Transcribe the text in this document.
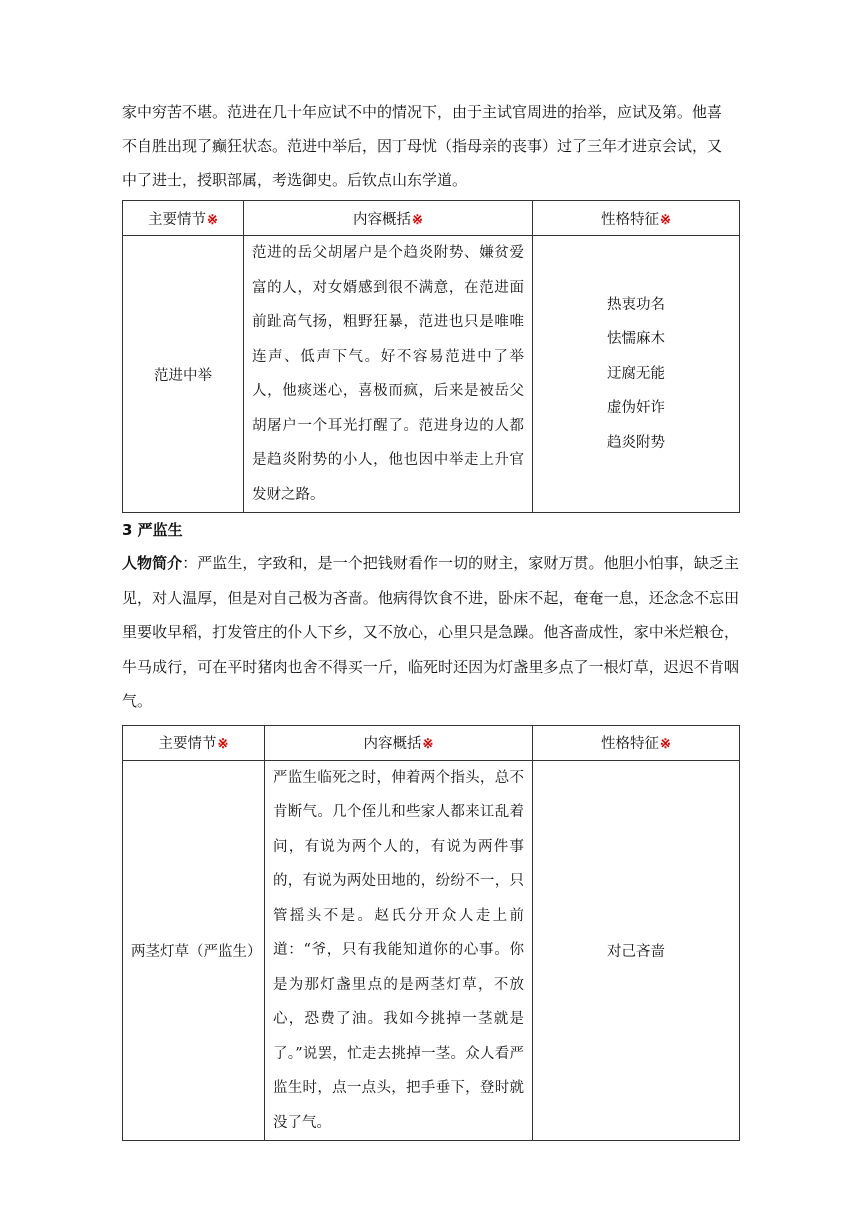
家中穷苦不堪。范进在几十年应试不中的情况下，由于主试官周进的抬举，应试及第。他喜
不自胜出现了癫狂状态。范进中举后，因丁母忧（指母亲的丧事）过了三年才进京会试，又
中了进士，授职部属，考选御史。后钦点山东学道。

主要情节※	内容概括※	性格特征※
范进中举	范进的岳父胡屠户是个趋炎附势、嫌贫爱富的人，对女婿感到很不满意，在范进面前趾高气扬，粗野狂暴，范进也只是唯唯连声、低声下气。好不容易范进中了举人，他痰迷心，喜极而疯，后来是被岳父胡屠户一个耳光打醒了。范进身边的人都是趋炎附势的小人，他也因中举走上升官发财之路。	热衷功名
怯懦麻木
迂腐无能
虚伪奸诈
趋炎附势

3 严监生

人物简介：严监生，字致和，是一个把钱财看作一切的财主，家财万贯。他胆小怕事，缺乏主见，对人温厚，但是对自己极为吝啬。他病得饮食不进，卧床不起，奄奄一息，还念念不忘田里要收早稻，打发管庄的仆人下乡，又不放心，心里只是急躁。他吝啬成性，家中米烂粮仓，牛马成行，可在平时猪肉也舍不得买一斤，临死时还因为灯盏里多点了一根灯草，迟迟不肯咽气。

主要情节※	内容概括※	性格特征※
两茎灯草（严监生）	严监生临死之时，伸着两个指头，总不肯断气。几个侄儿和些家人都来讧乱着问，有说为两个人的，有说为两件事的，有说为两处田地的，纷纷不一，只管摇头不是。赵氏分开众人走上前道：“爷，只有我能知道你的心事。你是为那灯盏里点的是两茎灯草，不放心，恐费了油。我如今挑掉一茎就是了。”说罢，忙走去挑掉一茎。众人看严监生时，点一点头，把手垂下，登时就没了气。	对己吝啬
